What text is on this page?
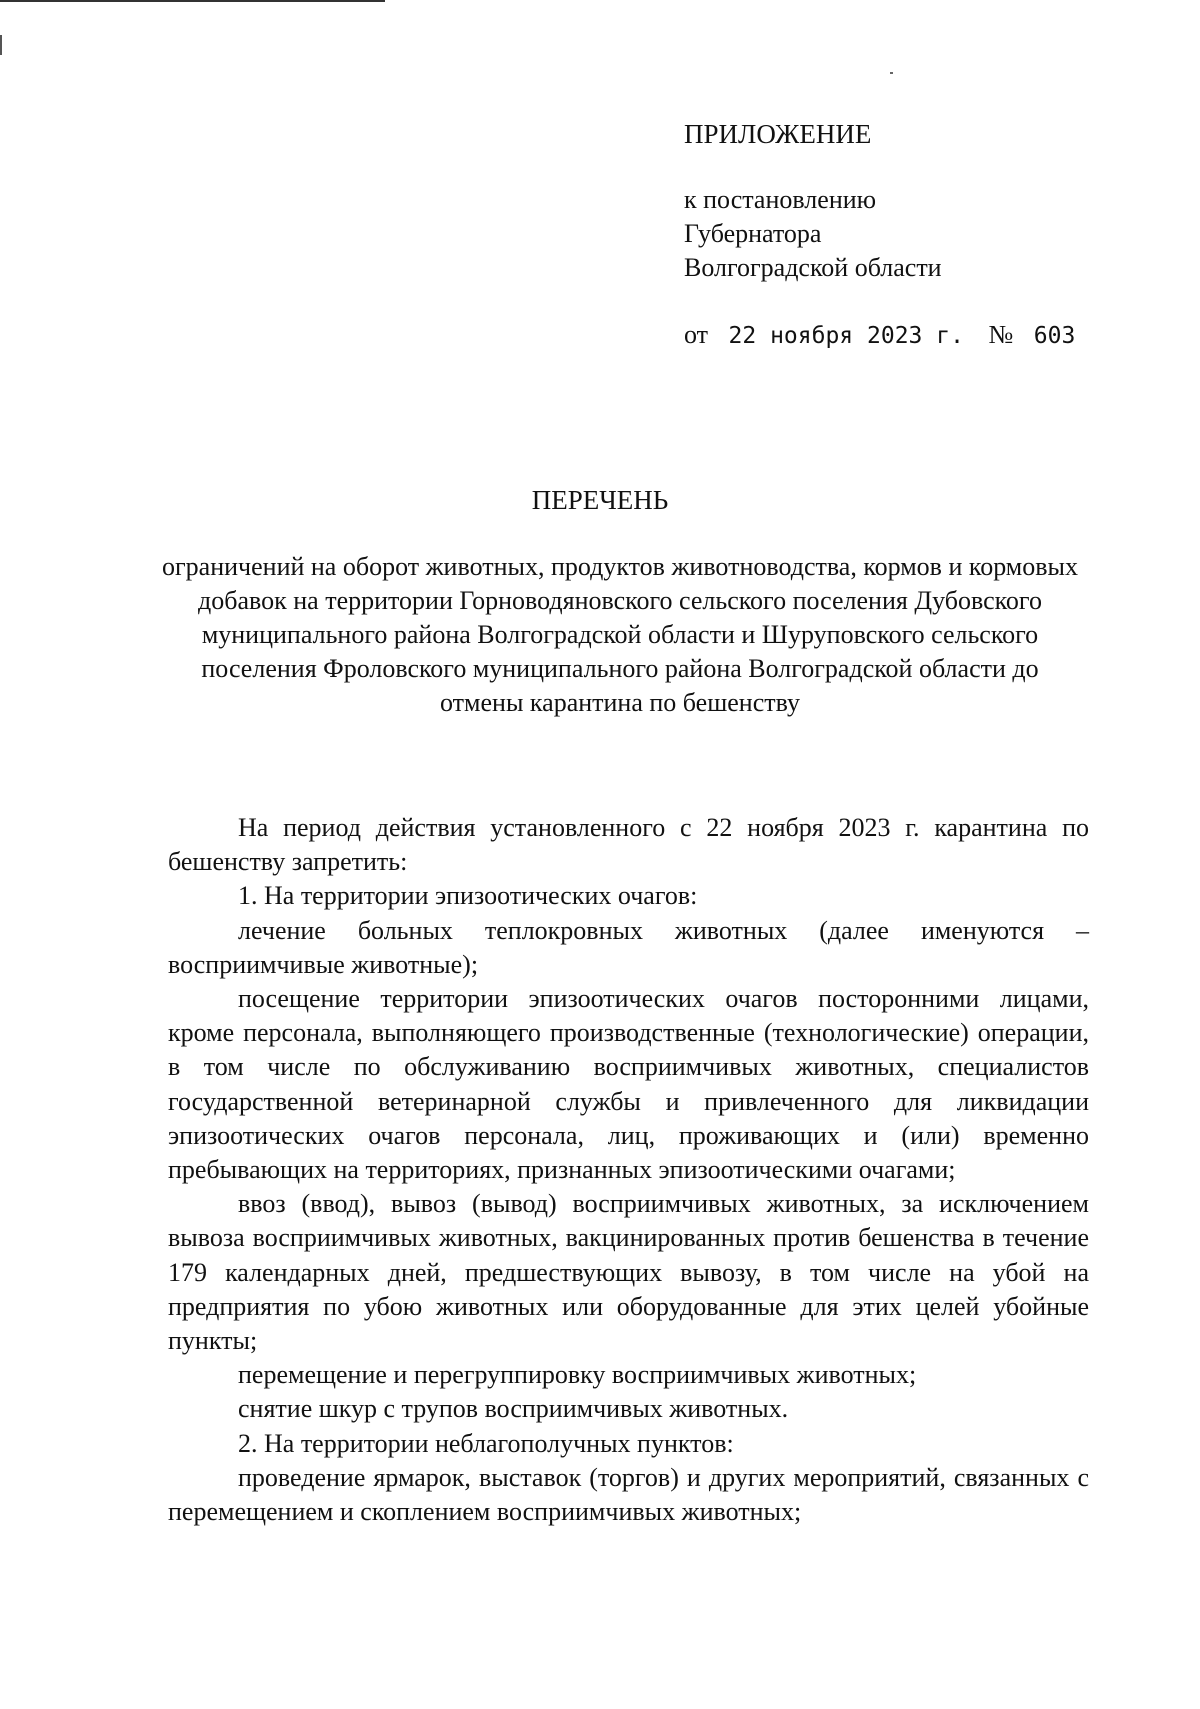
ПРИЛОЖЕНИЕ

к постановлению

Губернатора

Волгоградской области

от 22 ноября 2023 г. № 603
ПЕРЕЧЕНЬ

ограничений на оборот животных, продуктов животноводства, кормов и кормовых добавок на территории Горноводяновского сельского поселения Дубовского муниципального района Волгоградской области и Шуруповского сельского поселения Фроловского муниципального района Волгоградской области до отмены карантина по бешенству

На период действия установленного с 22 ноября 2023 г. карантина по бешенству запретить:

1. На территории эпизоотических очагов:

лечение больных теплокровных животных (далее именуются – восприимчивые животные);

посещение территории эпизоотических очагов посторонними лицами, кроме персонала, выполняющего производственные (технологические) операции, в том числе по обслуживанию восприимчивых животных, специалистов государственной ветеринарной службы и привлеченного для ликвидации эпизоотических очагов персонала, лиц, проживающих и (или) временно пребывающих на территориях, признанных эпизоотическими очагами;

ввоз (ввод), вывоз (вывод) восприимчивых животных, за исключением вывоза восприимчивых животных, вакцинированных против бешенства в течение 179 календарных дней, предшествующих вывозу, в том числе на убой на предприятия по убою животных или оборудованные для этих целей убойные пункты;

перемещение и перегруппировку восприимчивых животных;

снятие шкур с трупов восприимчивых животных.

2. На территории неблагополучных пунктов:

проведение ярмарок, выставок (торгов) и других мероприятий, связанных с перемещением и скоплением восприимчивых животных;
